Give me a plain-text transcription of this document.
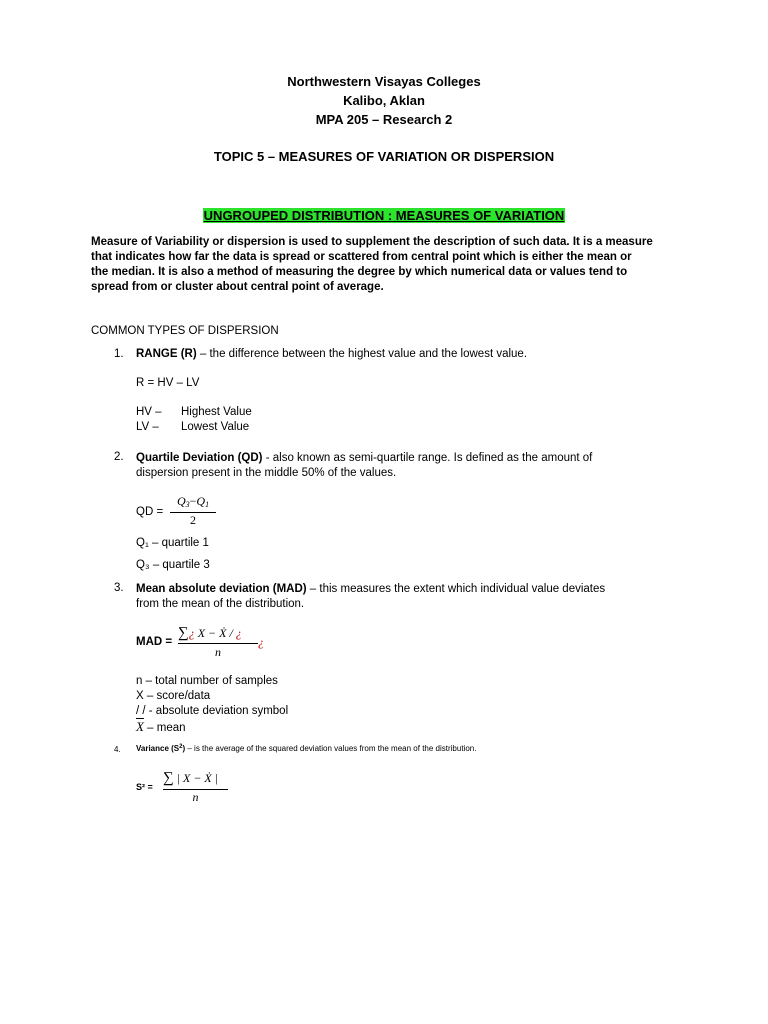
Northwestern Visayas Colleges
Kalibo, Aklan
MPA 205 – Research 2
TOPIC 5 – MEASURES OF VARIATION OR DISPERSION
UNGROUPED DISTRIBUTION : MEASURES OF VARIATION
Measure of Variability or dispersion is used to supplement the description of such data. It is a measure
that indicates how far the data is spread or scattered from central point which is either the mean or
the median. It is also a method of measuring the degree by which numerical data or values tend to
spread from or cluster about central point of average.
COMMON TYPES OF DISPERSION
1. RANGE (R) – the difference between the highest value and the lowest value.
R = HV – LV
HV – Highest Value
LV – Lowest Value
2. Quartile Deviation (QD) - also known as semi-quartile range. Is defined as the amount of
dispersion present in the middle 50% of the values.
QD =
$Q_3-Q_1$
2
Q₁ – quartile 1
Q₃ – quartile 3
3. Mean absolute deviation (MAD) – this measures the extent which individual value deviates
from the mean of the distribution.
MAD =
∑¿ X − Ẋ / ¿
¿
n
n – total number of samples
X – score/data
/ / - absolute deviation symbol
$\overline{X}$ – mean
4. Variance $(S^2)$ – is the average of the squared deviation values from the mean of the distribution.
S² =
∑ | X − Ẋ |
n
